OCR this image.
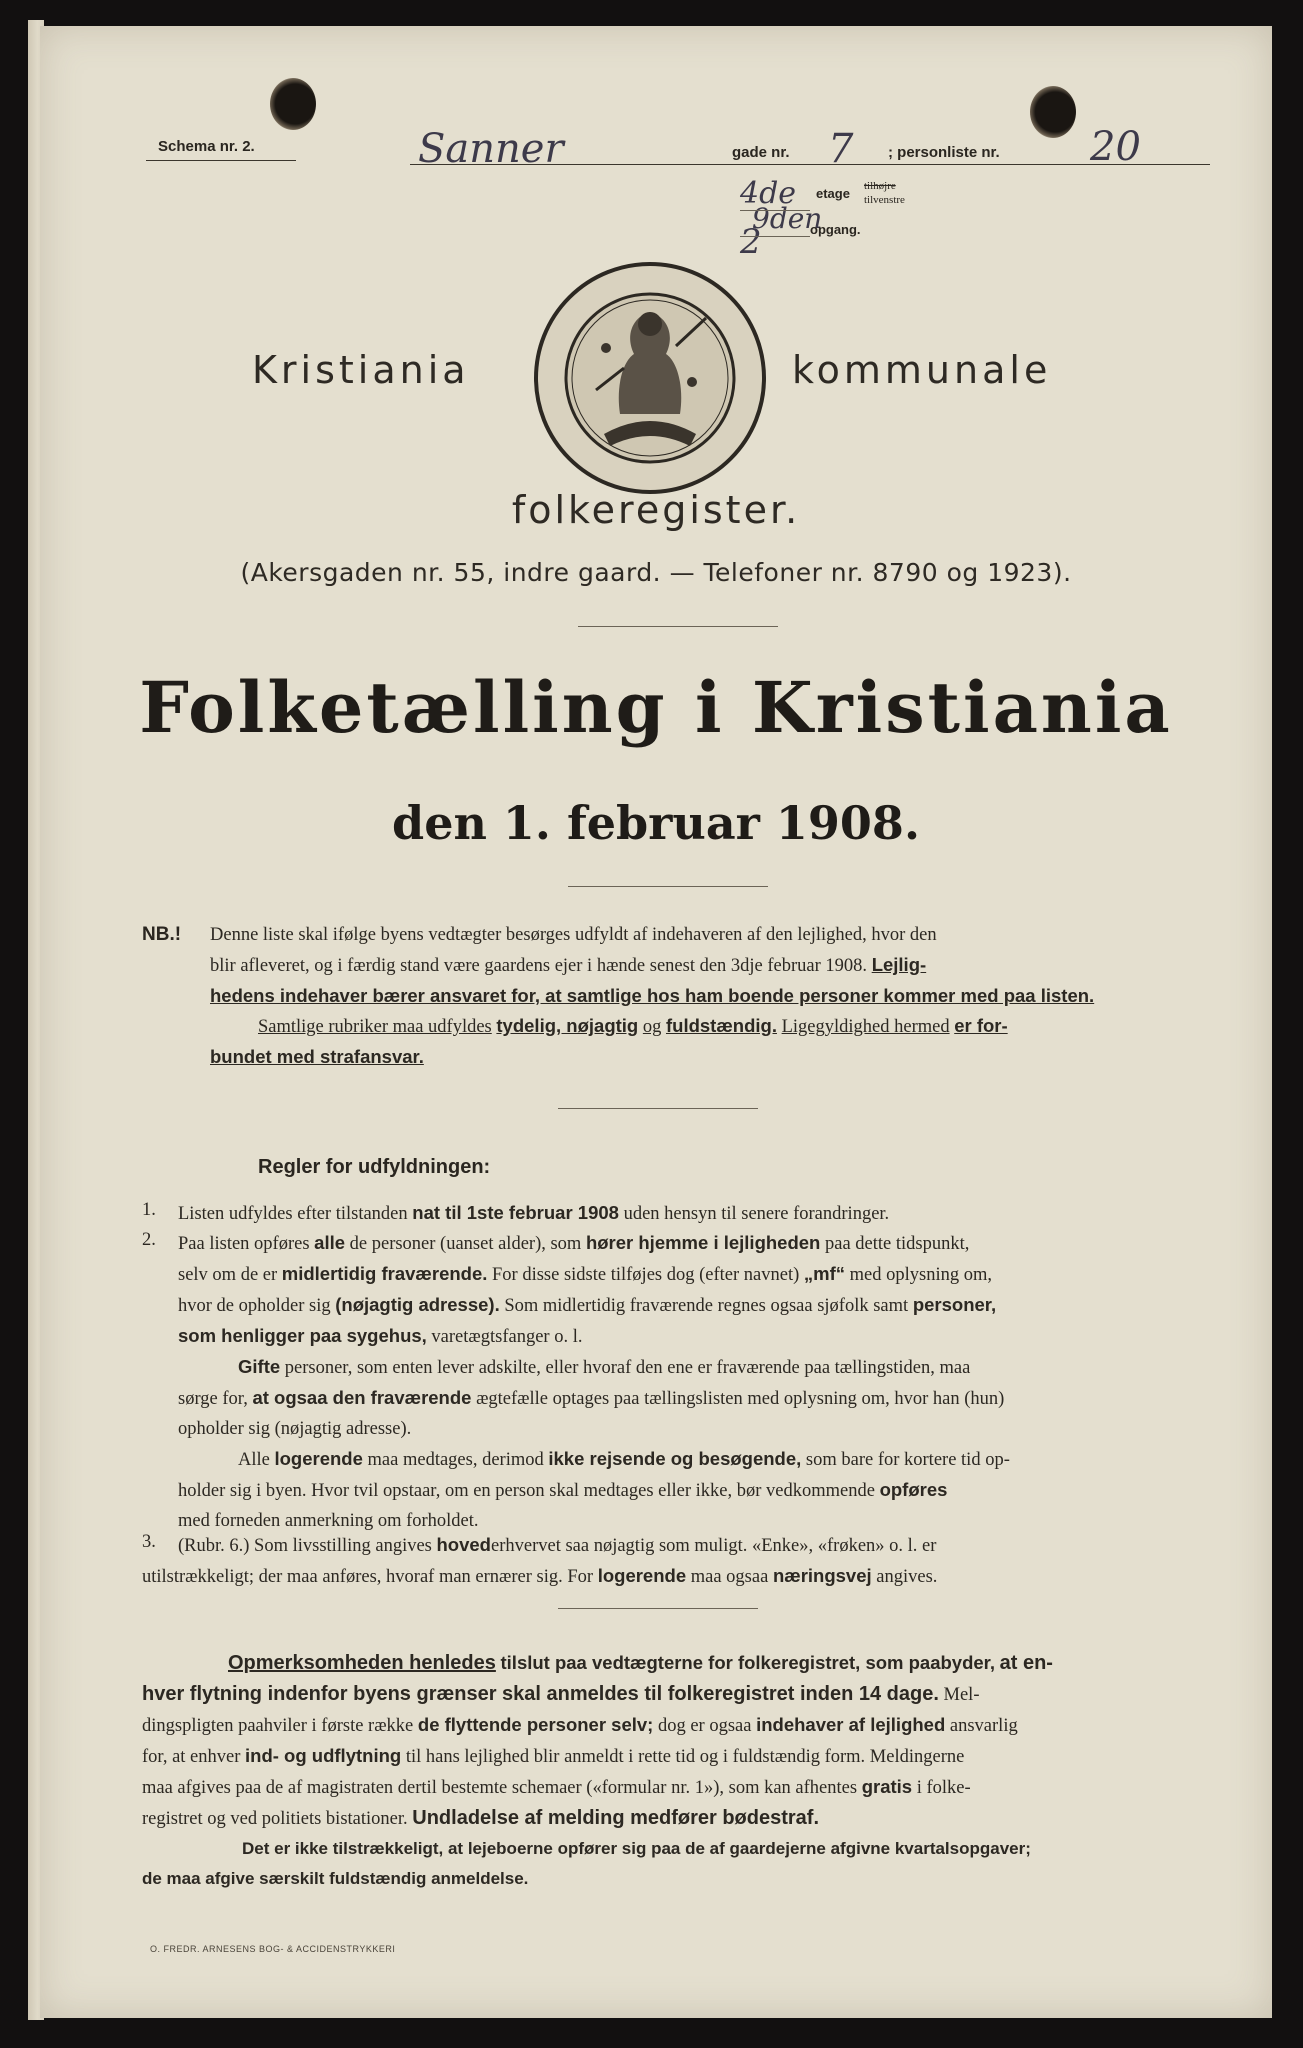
Schema nr. 2.	Sanner	gade nr. 7 ; personliste nr. 20
4de etage tilhøjre
tilvenstre
9den
2	opgang.
Kristiania	kommunale
folkeregister.
(Akersgaden nr. 55, indre gaard. — Telefoner nr. 8790 og 1923).
Folketælling i Kristiania
den 1. februar 1908.
NB.! Denne liste skal ifølge byens vedtægter besørges udfyldt af indehaveren af den lejlighed, hvor den
blir afleveret, og i færdig stand være gaardens ejer i hænde senest den 3dje februar 1908. Lejlig-
hedens indehaver bærer ansvaret for, at samtlige hos ham boende personer kommer med paa listen.
Samtlige rubriker maa udfyldes tydelig, nøjagtig og fuldstændig. Ligegyldighed hermed er for-
bundet med strafansvar.
Regler for udfyldningen:
1. Listen udfyldes efter tilstanden nat til 1ste februar 1908 uden hensyn til senere forandringer.
2. Paa listen opføres alle de personer (uanset alder), som hører hjemme i lejligheden paa dette tidspunkt,
selv om de er midlertidig fraværende. For disse sidste tilføjes dog (efter navnet) „mf“ med oplysning om,
hvor de opholder sig (nøjagtig adresse). Som midlertidig fraværende regnes ogsaa sjøfolk samt personer,
som henligger paa sygehus, varetægtsfanger o. l.
Gifte personer, som enten lever adskilte, eller hvoraf den ene er fraværende paa tællingstiden, maa
sørge for, at ogsaa den fraværende ægtefælle optages paa tællingslisten med oplysning om, hvor han (hun)
opholder sig (nøjagtig adresse).
Alle logerende maa medtages, derimod ikke rejsende og besøgende, som bare for kortere tid op-
holder sig i byen. Hvor tvil opstaar, om en person skal medtages eller ikke, bør vedkommende opføres
med forneden anmerkning om forholdet.
3. (Rubr. 6.) Som livsstilling angives hovederhvervet saa nøjagtig som muligt. «Enke», «frøken» o. l. er
utilstrækkeligt; der maa anføres, hvoraf man ernærer sig. For logerende maa ogsaa næringsvej angives.
Opmerksomheden henledes tilslut paa vedtægterne for folkeregistret, som paabyder, at en-
hver flytning indenfor byens grænser skal anmeldes til folkeregistret inden 14 dage. Mel-
dingspligten paahviler i første række de flyttende personer selv; dog er ogsaa indehaver af lejlighed ansvarlig
for, at enhver ind- og udflytning til hans lejlighed blir anmeldt i rette tid og i fuldstændig form. Meldingerne
maa afgives paa de af magistraten dertil bestemte schemaer («formular nr. 1»), som kan afhentes gratis i folke-
registret og ved politiets bistationer. Undladelse af melding medfører bødestraf.
Det er ikke tilstrækkeligt, at lejeboerne opfører sig paa de af gaardejerne afgivne kvartalsopgaver;
de maa afgive særskilt fuldstændig anmeldelse.
O. FREDR. ARNESENS BOG- & ACCIDENSTRYKKERI
